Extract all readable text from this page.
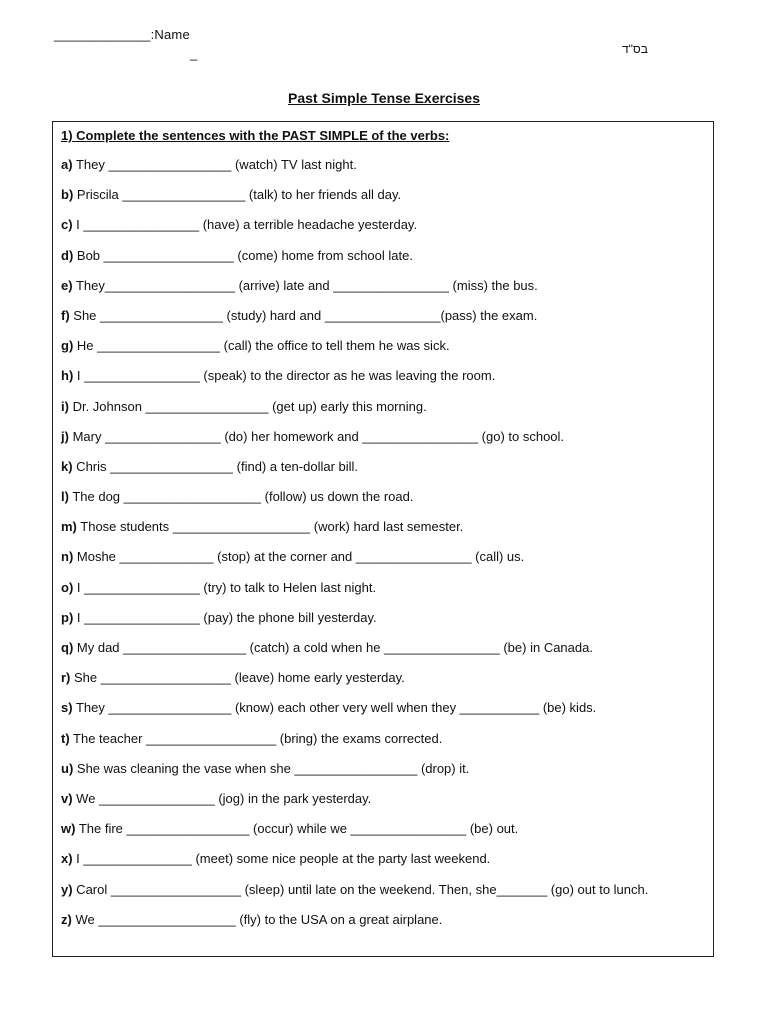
_____________:Name
_	בס"ד
Past Simple Tense Exercises
1) Complete the sentences with the PAST SIMPLE of the verbs:
a) They _________________ (watch) TV last night.
b) Priscila _________________ (talk) to her friends all day.
c) I ________________ (have) a terrible headache yesterday.
d) Bob __________________ (come) home from school late.
e) They__________________ (arrive) late and ________________ (miss) the bus.
f) She _________________ (study) hard and ________________(pass) the exam.
g) He _________________ (call) the office to tell them he was sick.
h) I ________________ (speak) to the director as he was leaving the room.
i) Dr. Johnson _________________ (get up) early this morning.
j) Mary ________________ (do) her homework and ________________ (go) to school.
k) Chris _________________ (find) a ten-dollar bill.
l) The dog ___________________ (follow) us down the road.
m) Those students ___________________ (work) hard last semester.
n) Moshe _____________ (stop) at the corner and ________________ (call) us.
o) I ________________ (try) to talk to Helen last night.
p) I ________________ (pay) the phone bill yesterday.
q) My dad _________________ (catch) a cold when he ________________ (be) in Canada.
r) She __________________ (leave) home early yesterday.
s) They _________________ (know) each other very well when they ___________ (be) kids.
t) The teacher __________________ (bring) the exams corrected.
u) She was cleaning the vase when she _________________ (drop) it.
v) We ________________ (jog) in the park yesterday.
w) The fire _________________ (occur) while we ________________ (be) out.
x) I _______________ (meet) some nice people at the party last weekend.
y) Carol __________________ (sleep) until late on the weekend. Then, she_______ (go) out to lunch.
z) We ___________________ (fly) to the USA on a great airplane.
